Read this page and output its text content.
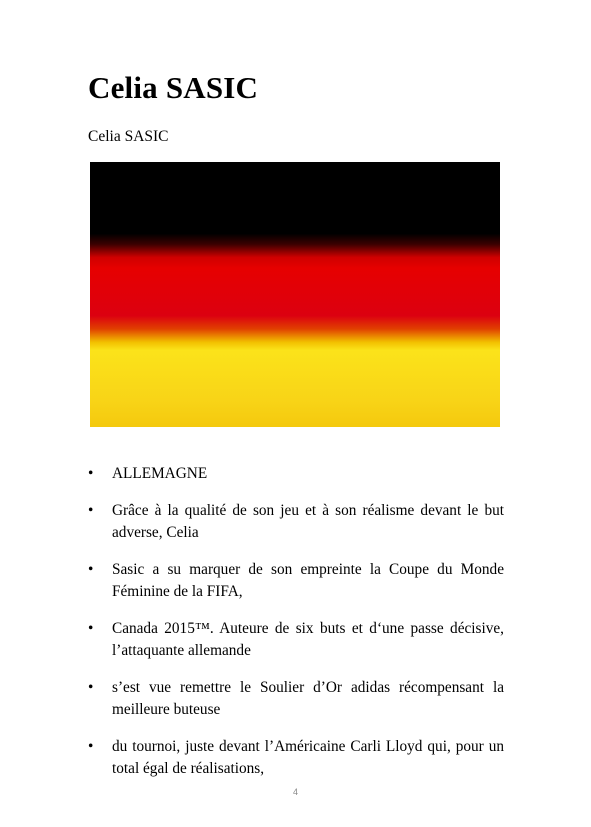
Celia SASIC
Celia SASIC
• ALLEMAGNE
• Grâce à la qualité de son jeu et à son réalisme devant le but adverse, Celia
• Sasic a su marquer de son empreinte la Coupe du Monde Féminine de la FIFA,
• Canada 2015™. Auteure de six buts et d‘une passe décisive, l’attaquante allemande
• s’est vue remettre le Soulier d’Or adidas récompensant la meilleure buteuse
• du tournoi, juste devant l’Américaine Carli Lloyd qui, pour un total égal de réalisations,
4
